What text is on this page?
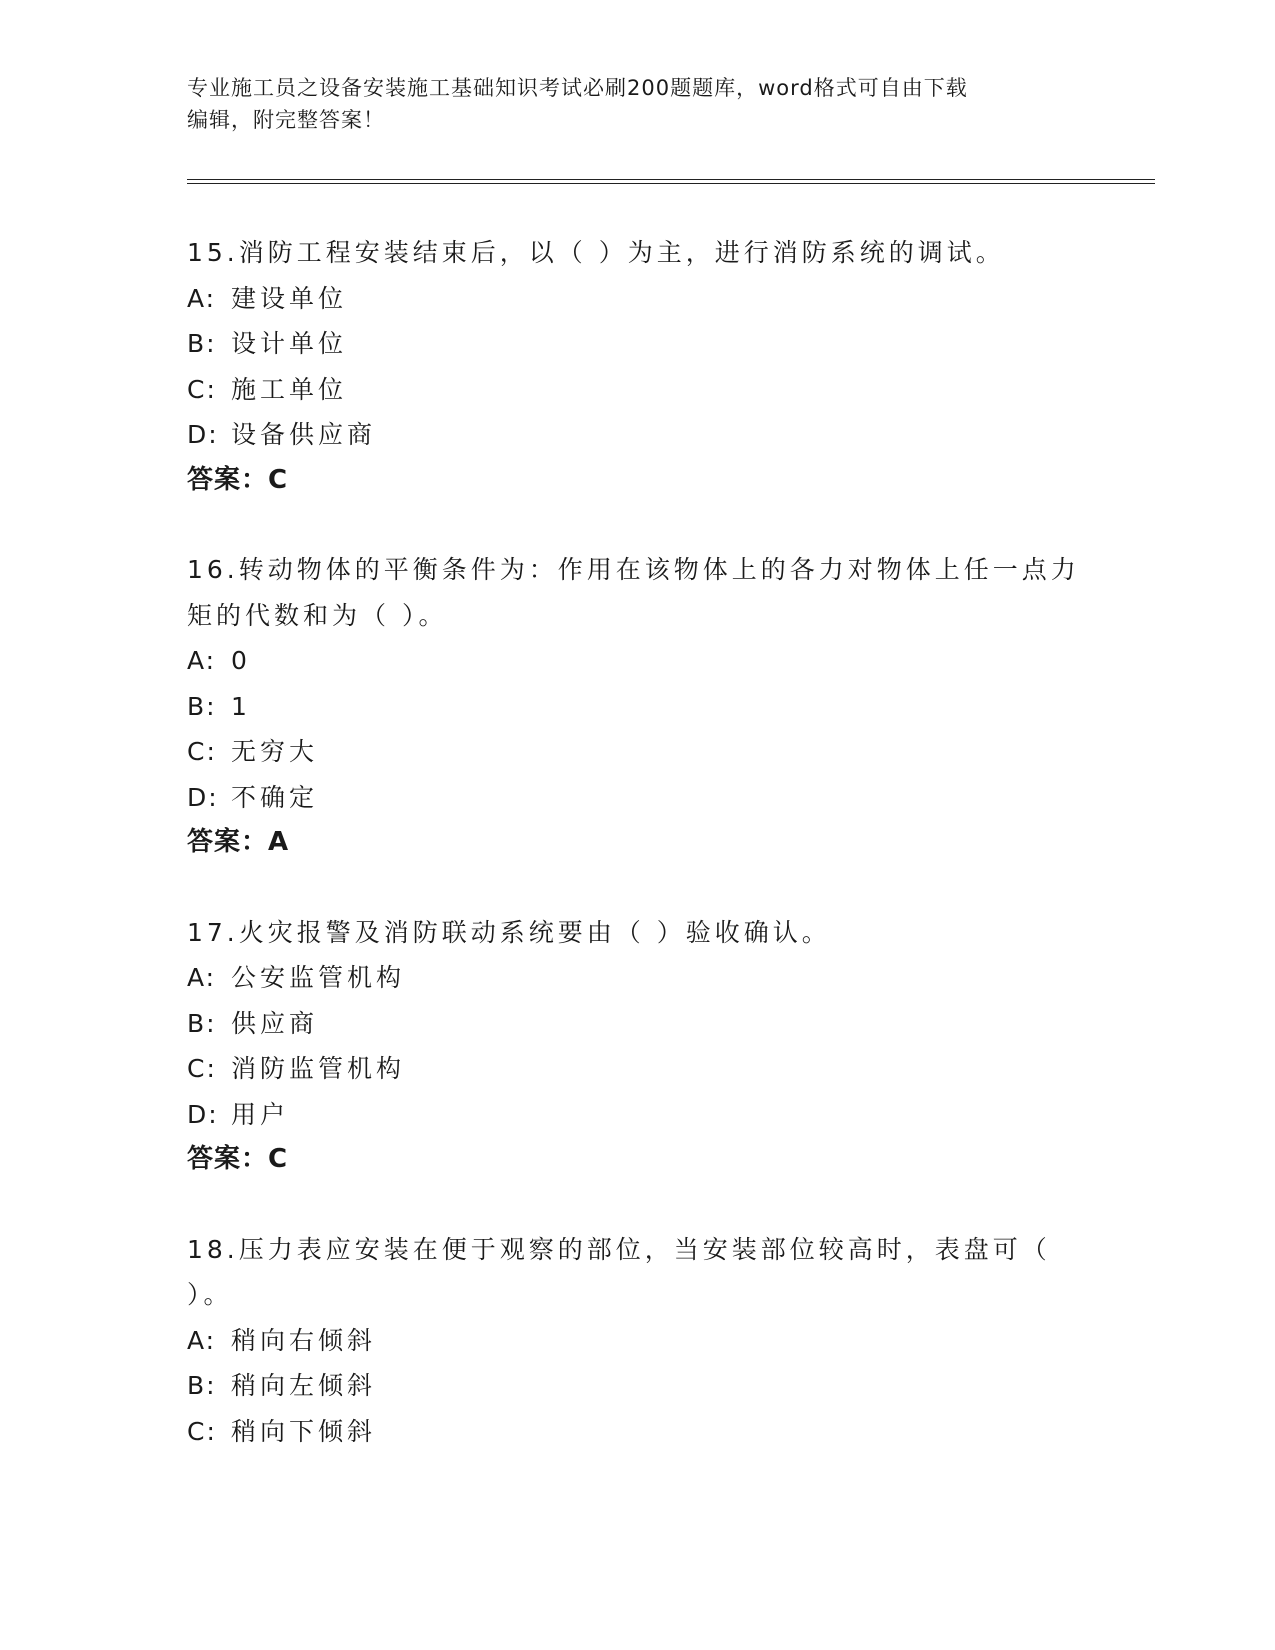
专业施工员之设备安装施工基础知识考试必刷200题题库，word格式可自由下载
编辑，附完整答案！
15.消防工程安装结束后，以（ ）为主，进行消防系统的调试。
A: 建设单位
B: 设计单位
C: 施工单位
D: 设备供应商
答案：C
16.转动物体的平衡条件为：作用在该物体上的各力对物体上任一点力
矩的代数和为（ ）。
A: 0
B: 1
C: 无穷大
D: 不确定
答案：A
17.火灾报警及消防联动系统要由（ ）验收确认。
A: 公安监管机构
B: 供应商
C: 消防监管机构
D: 用户
答案：C
18.压力表应安装在便于观察的部位，当安装部位较高时，表盘可（
）。
A: 稍向右倾斜
B: 稍向左倾斜
C: 稍向下倾斜
